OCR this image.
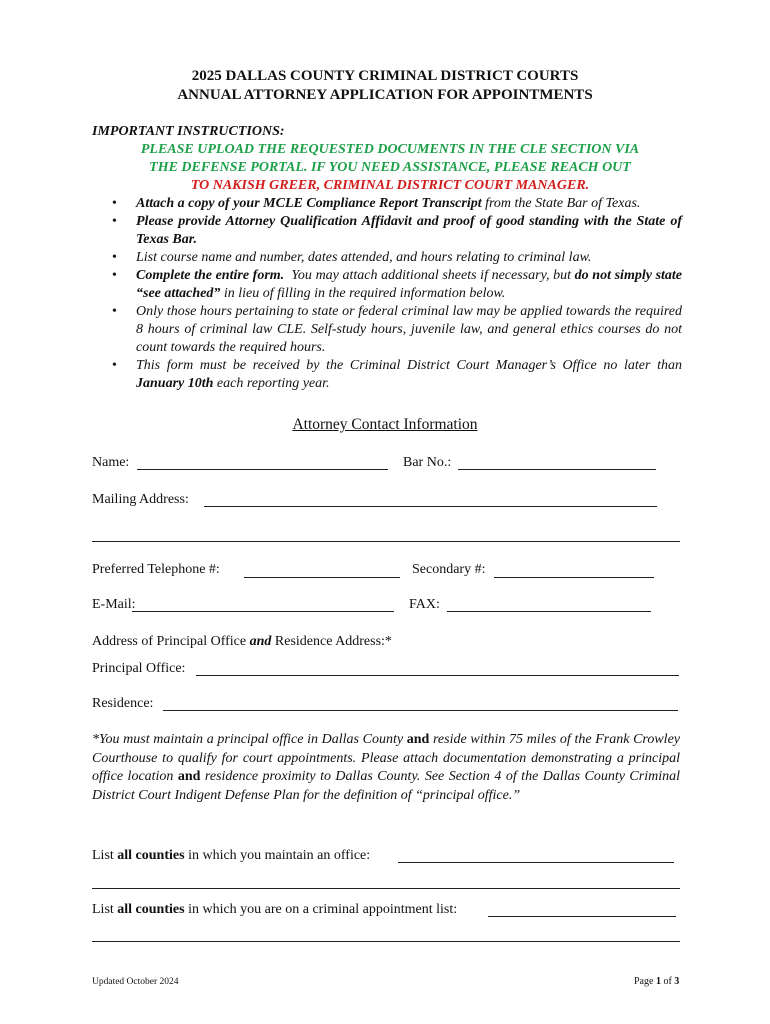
2025 DALLAS COUNTY CRIMINAL DISTRICT COURTS
ANNUAL ATTORNEY APPLICATION FOR APPOINTMENTS
IMPORTANT INSTRUCTIONS:
PLEASE UPLOAD THE REQUESTED DOCUMENTS IN THE CLE SECTION VIA
THE DEFENSE PORTAL. IF YOU NEED ASSISTANCE, PLEASE REACH OUT
TO NAKISH GREER, CRIMINAL DISTRICT COURT MANAGER.
• Attach a copy of your MCLE Compliance Report Transcript from the State Bar of Texas.
• Please provide Attorney Qualification Affidavit and proof of good standing with the State of Texas Bar.
• List course name and number, dates attended, and hours relating to criminal law.
• Complete the entire form.  You may attach additional sheets if necessary, but do not simply state “see attached” in lieu of filling in the required information below.
• Only those hours pertaining to state or federal criminal law may be applied towards the required 8 hours of criminal law CLE. Self-study hours, juvenile law, and general ethics courses do not count towards the required hours.
• This form must be received by the Criminal District Court Manager’s Office no later than January 10th each reporting year.
Attorney Contact Information
Name:	Bar No.:
Mailing Address:
Preferred Telephone #:	Secondary #:
E-Mail:	FAX:
Address of Principal Office and Residence Address:*
Principal Office:
Residence:
*You must maintain a principal office in Dallas County and reside within 75 miles of the Frank Crowley Courthouse to qualify for court appointments. Please attach documentation demonstrating a principal office location and residence proximity to Dallas County. See Section 4 of the Dallas County Criminal District Court Indigent Defense Plan for the definition of “principal office.”
List all counties in which you maintain an office:
List all counties in which you are on a criminal appointment list:
Updated October 2024	Page 1 of 3
